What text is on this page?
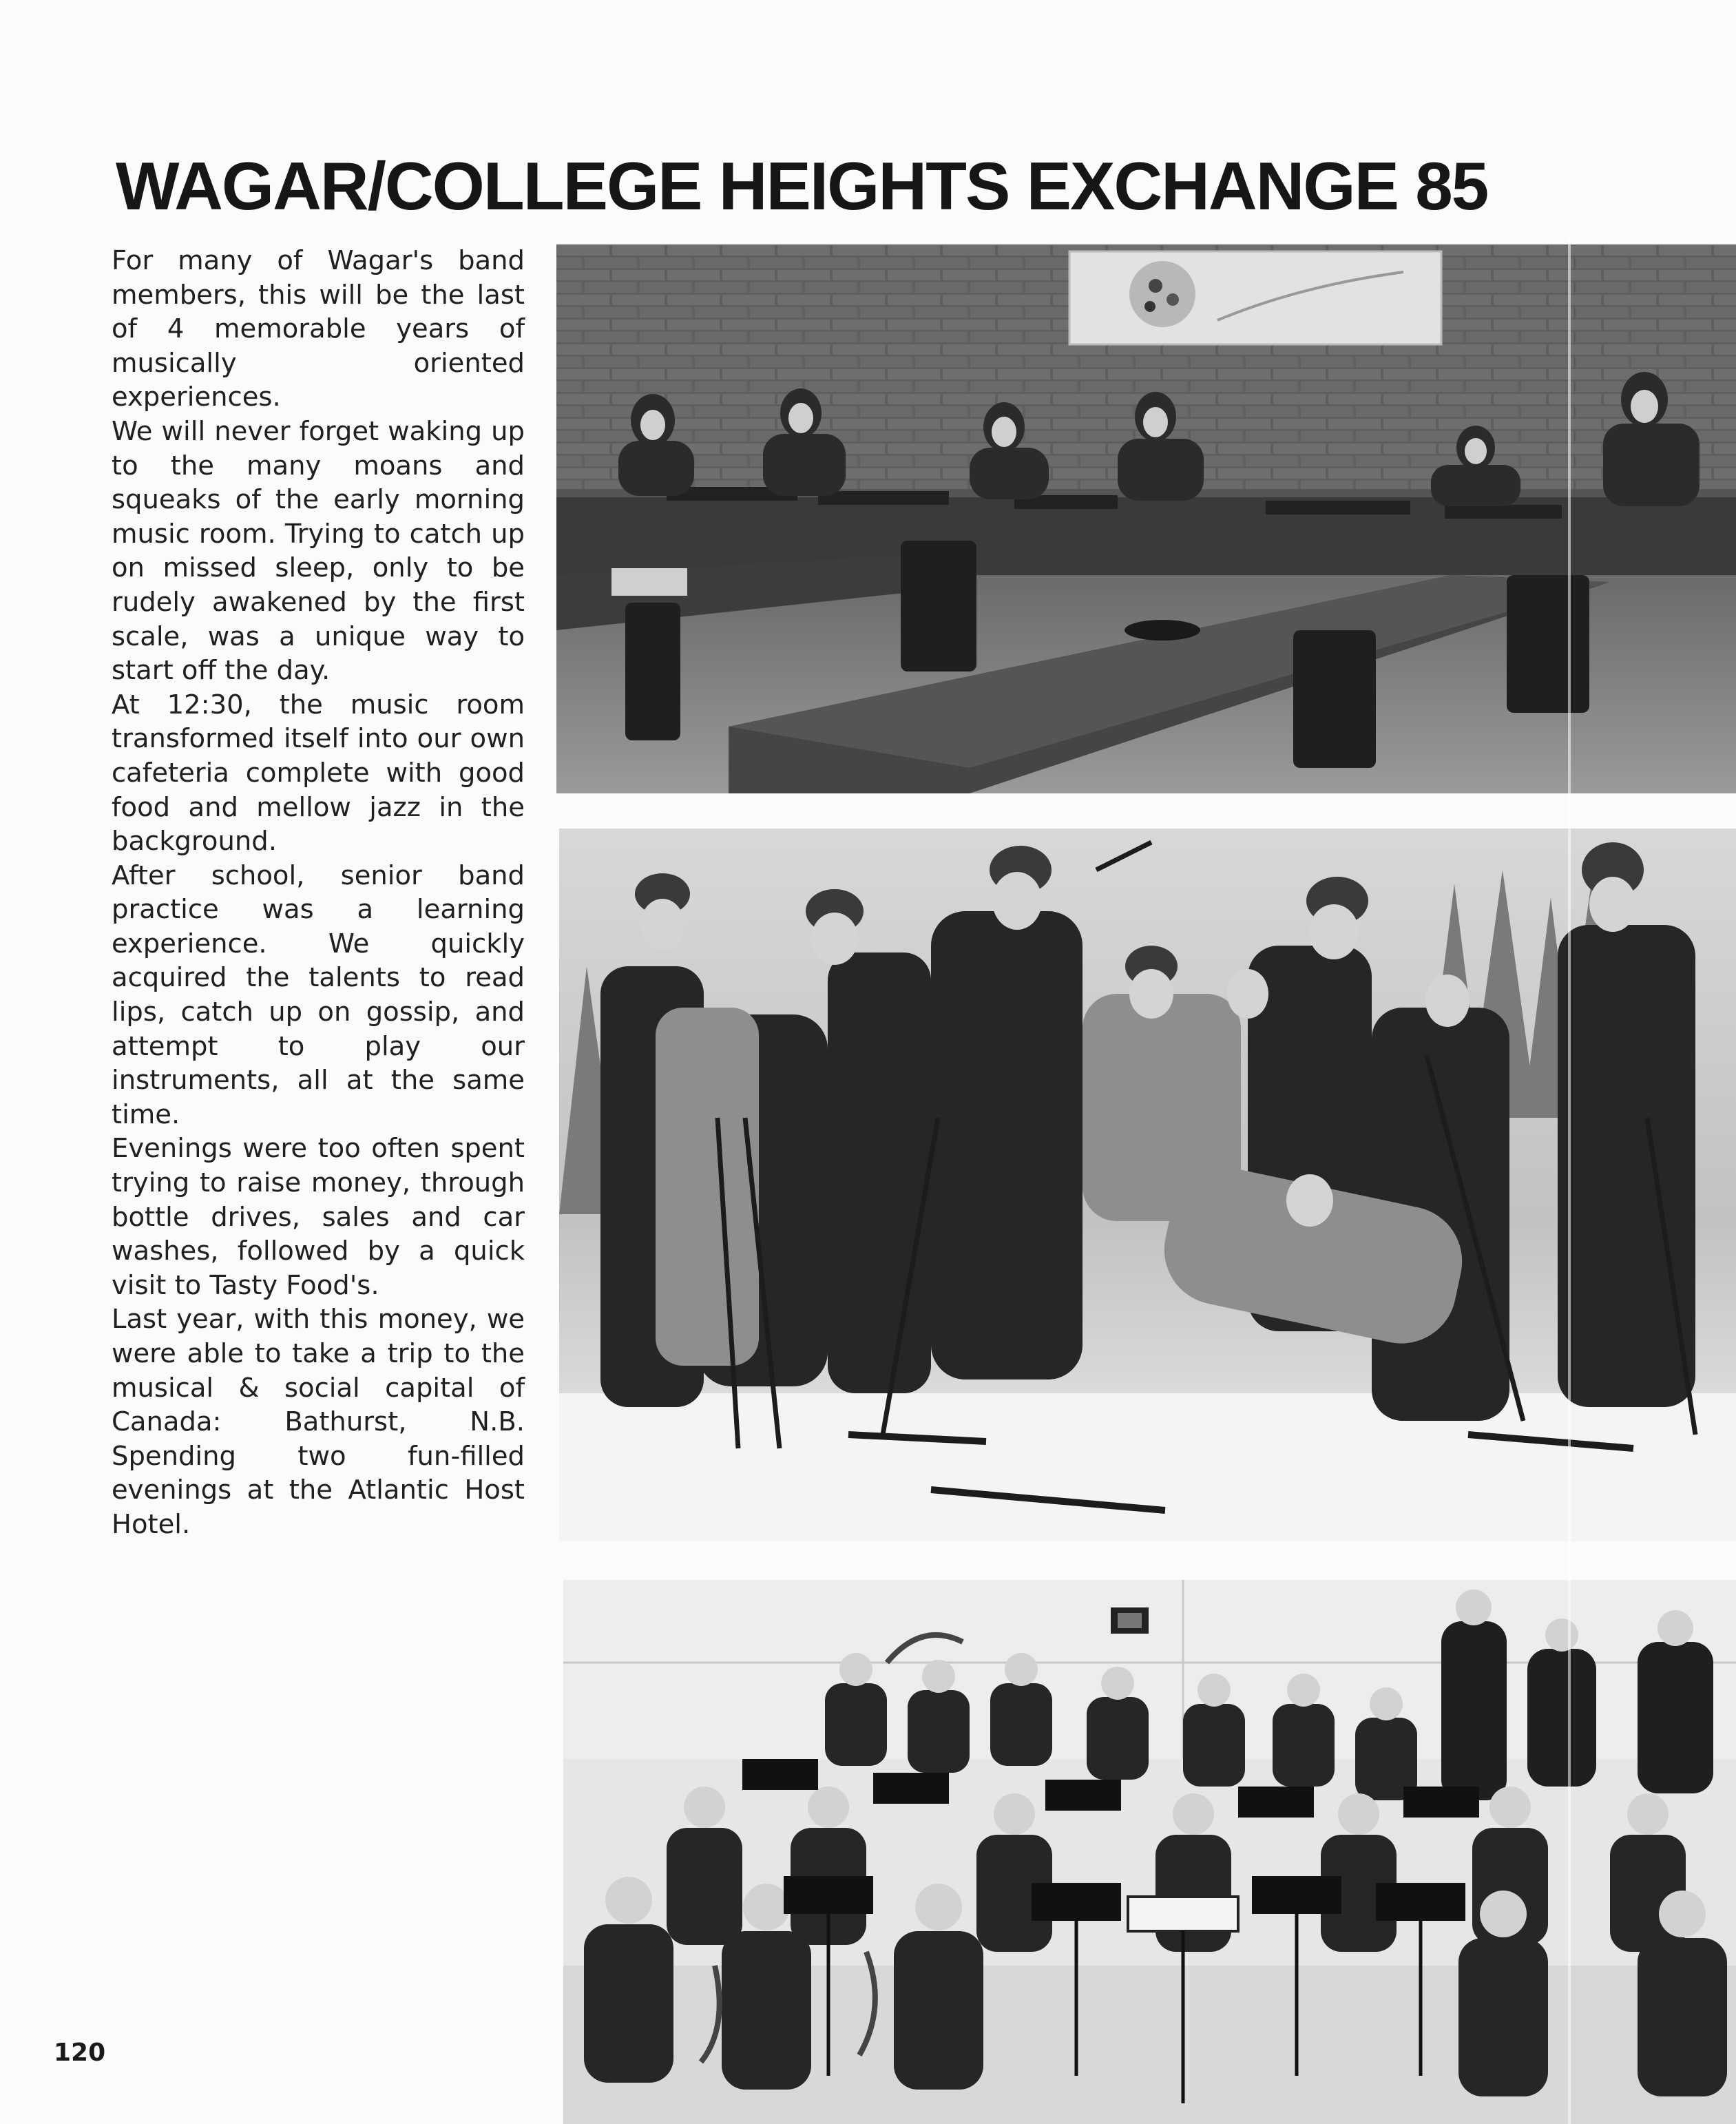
WAGAR/COLLEGE HEIGHTS EXCHANGE 85

For many of Wagar's band members, this will be the last of 4 memorable years of musically oriented experiences.

We will never forget waking up to the many moans and squeaks of the early morning music room. Trying to catch up on missed sleep, only to be rudely awakened by the first scale, was a unique way to start off the day.

At 12:30, the music room transformed itself into our own cafeteria complete with good food and mellow jazz in the background.

After school, senior band practice was a learning experience. We quickly acquired the talents to read lips, catch up on gossip, and attempt to play our instruments, all at the same time.

Evenings were too often spent trying to raise money, through bottle drives, sales and car washes, followed by a quick visit to Tasty Food's.

Last year, with this money, we were able to take a trip to the musical & social capital of Canada: Bathurst, N.B. Spending two fun-filled evenings at the Atlantic Host Hotel.

120
